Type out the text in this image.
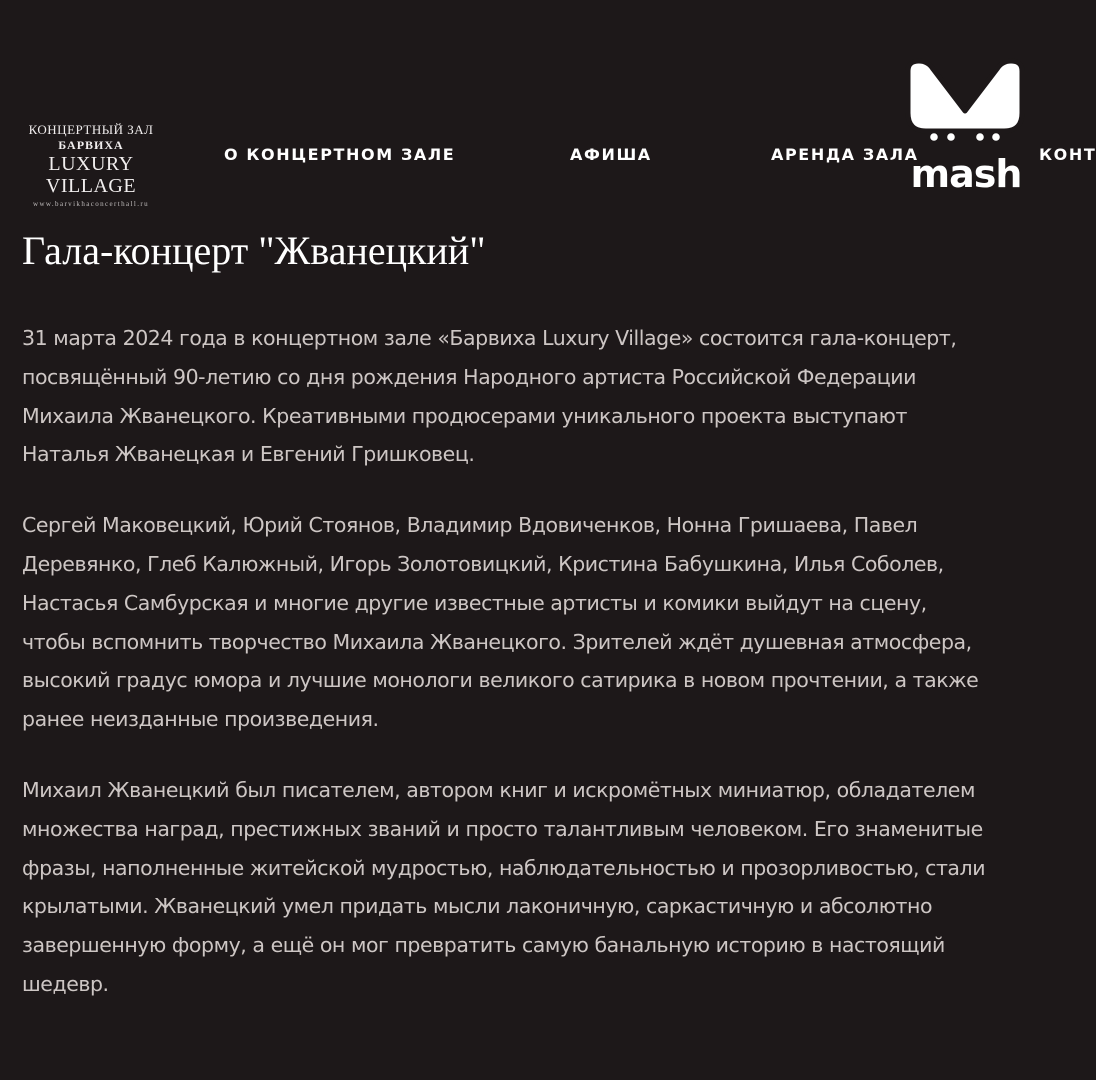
КОНЦЕРТНЫЙ ЗАЛ
БАРВИХА
LUXURY VILLAGE
www.barvikhaconcerthall.ru
О КОНЦЕРТНОМ ЗАЛЕ	АФИША	АРЕНДА ЗАЛА	КОНТ
mash
Гала-концерт "Жванецкий"

31 марта 2024 года в концертном зале «Барвиха Luxury Village» состоится гала-концерт,
посвящённый 90-летию со дня рождения Народного артиста Российской Федерации
Михаила Жванецкого. Креативными продюсерами уникального проекта выступают
Наталья Жванецкая и Евгений Гришковец.

Сергей Маковецкий, Юрий Стоянов, Владимир Вдовиченков, Нонна Гришаева, Павел
Деревянко, Глеб Калюжный, Игорь Золотовицкий, Кристина Бабушкина, Илья Соболев,
Настасья Самбурская и многие другие известные артисты и комики выйдут на сцену,
чтобы вспомнить творчество Михаила Жванецкого. Зрителей ждёт душевная атмосфера,
высокий градус юмора и лучшие монологи великого сатирика в новом прочтении, а также
ранее неизданные произведения.

Михаил Жванецкий был писателем, автором книг и искромётных миниатюр, обладателем
множества наград, престижных званий и просто талантливым человеком. Его знаменитые
фразы, наполненные житейской мудростью, наблюдательностью и прозорливостью, стали
крылатыми. Жванецкий умел придать мысли лаконичную, саркастичную и абсолютно
завершенную форму, а ещё он мог превратить самую банальную историю в настоящий
шедевр.
